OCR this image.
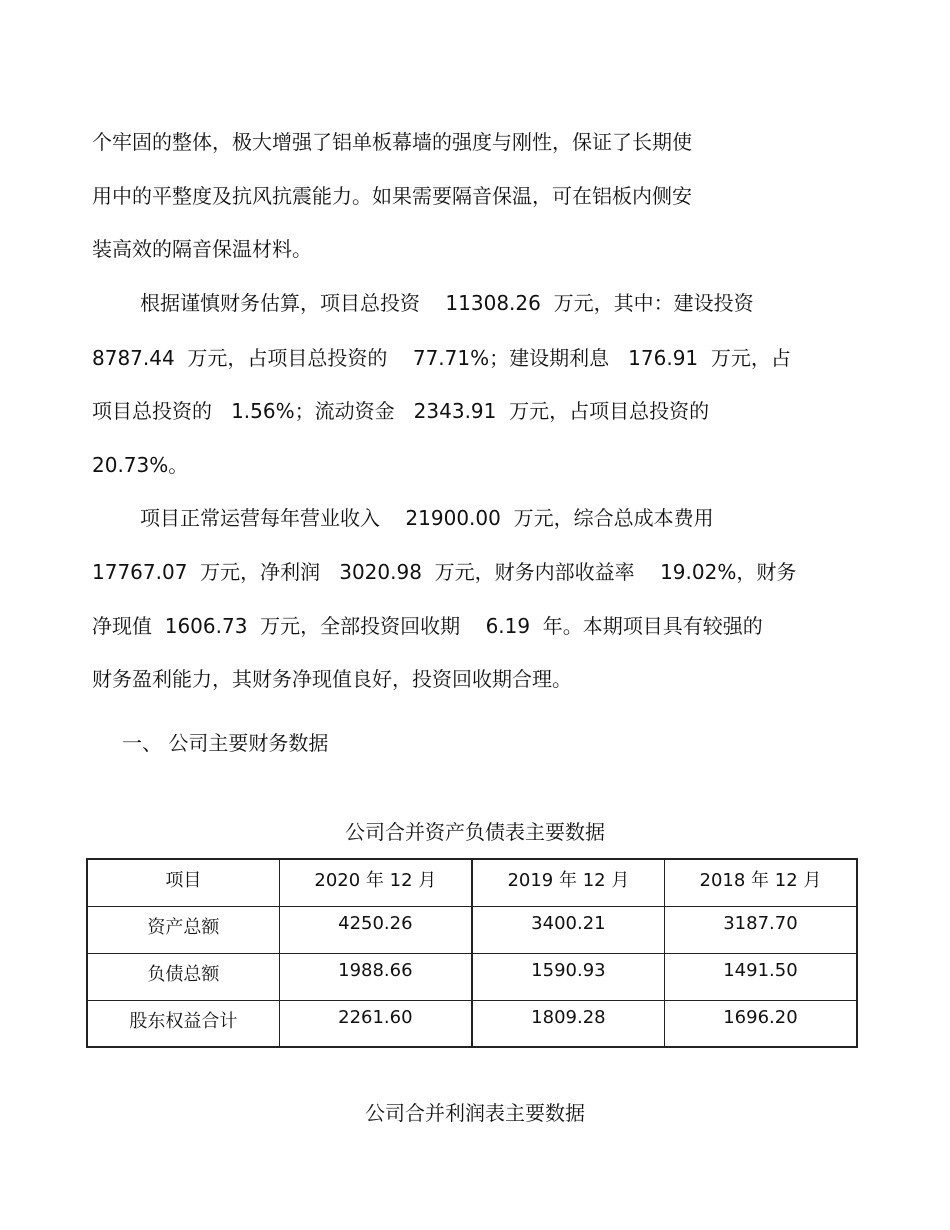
个牢固的整体，极大增强了铝单板幕墙的强度与刚性，保证了长期使
用中的平整度及抗风抗震能力。如果需要隔音保温，可在铝板内侧安
装高效的隔音保温材料。
根据谨慎财务估算，项目总投资    11308.26  万元，其中：建设投资
8787.44  万元，占项目总投资的    77.71%；建设期利息   176.91  万元，占
项目总投资的   1.56%；流动资金   2343.91  万元，占项目总投资的
20.73%。
项目正常运营每年营业收入    21900.00  万元，综合总成本费用
17767.07  万元，净利润   3020.98  万元，财务内部收益率    19.02%，财务
净现值  1606.73  万元，全部投资回收期    6.19  年。本期项目具有较强的
财务盈利能力，其财务净现值良好，投资回收期合理。
一、 公司主要财务数据
公司合并资产负债表主要数据
项目	2020 年 12 月	2019 年 12 月	2018 年 12 月
资产总额	4250.26	3400.21	3187.70
负债总额	1988.66	1590.93	1491.50
股东权益合计	2261.60	1809.28	1696.20
公司合并利润表主要数据
